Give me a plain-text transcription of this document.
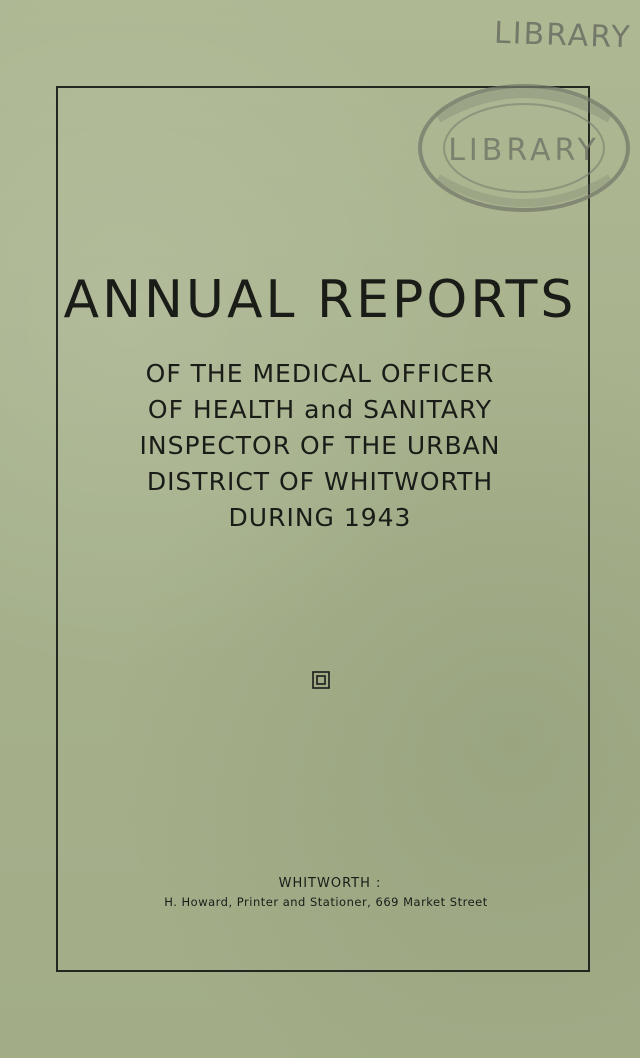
LIBRARY
LIBRARY
ANNUAL REPORTS
OF THE MEDICAL OFFICER
OF HEALTH and SANITARY
INSPECTOR OF THE URBAN
DISTRICT OF WHITWORTH
DURING 1943
WHITWORTH :
H. Howard, Printer and Stationer, 669 Market Street
